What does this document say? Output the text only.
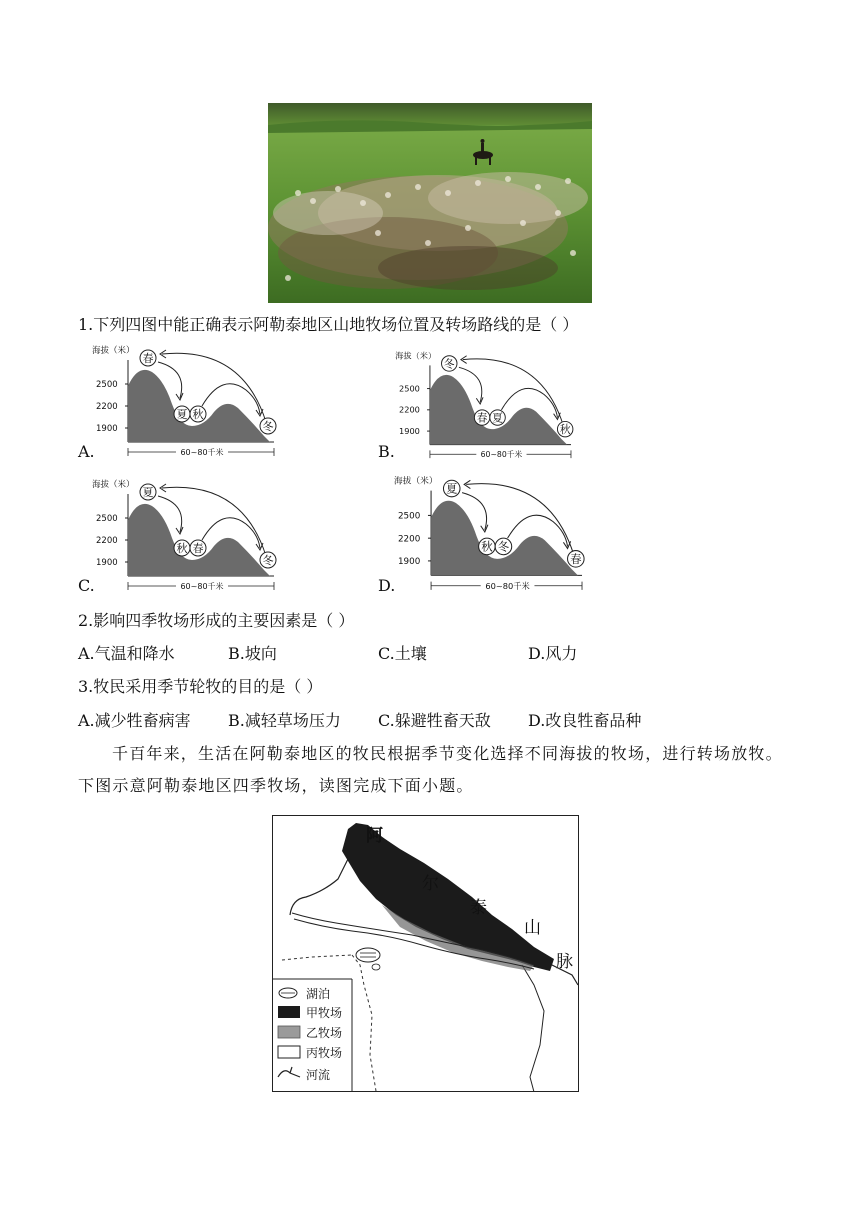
1.下列四图中能正确表示阿勒泰地区山地牧场位置及转场路线的是（ ）
A.
海拔（米）
2500
2200
1900
春
夏 秋
冬
60~80千米	B.
海拔（米）
2500
2200
1900
冬
春 夏
秋
60~80千米
C.
海拔（米）
2500
2200
1900
夏
秋 春
冬
60~80千米	D.
海拔（米）
2500
2200
1900
夏
秋 冬
春
60~80千米
2.影响四季牧场形成的主要因素是（ ）
A.气温和降水	B.坡向	C.土壤	D.风力
3.牧民采用季节轮牧的目的是（ ）
A.减少牲畜病害 B.减轻草场压力 C.躲避牲畜天敌 D.改良牲畜品种
千百年来，生活在阿勒泰地区的牧民根据季节变化选择不同海拔的牧场，进行转场放牧。下图示意阿勒泰地区四季牧场，读图完成下面小题。
阿
尔
泰
山
脉
湖泊
甲牧场
乙牧场
丙牧场
河流
